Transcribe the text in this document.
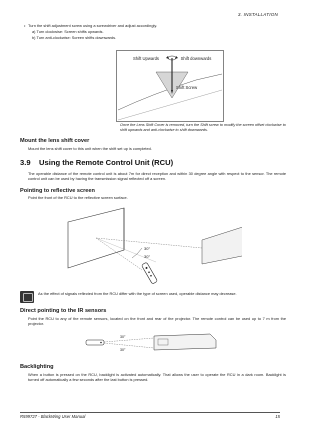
3. INSTALLATION
• Turn the shift adjustment screw using a screwdriver and adjust accordingly.
a) Turn clockwise: Screen shifts upwards.
b) Turn anti-clockwise: Screen shifts downwards.
Shift Upwards	Shift downwards
Shift Screw
Once the Lens Shift Cover is removed, turn the Shift screw to modify the screen offset clockwise to shift upwards and anti-clockwise to shift downwards.
Mount the lens shift cover
Mount the lens shift cover to this unit when the shift set up is completed.
3.9 Using the Remote Control Unit (RCU)
The operable distance of the remote control unit is about 7m for direct reception and within 30 degree angle with respect to the sensor. The remote control unit can be used by having the transmission signal reflected off a screen.
Pointing to reflective screen
Point the front of the RCU to the reflective screen surface.
30°
30°
As the effect of signals reflected from the RCU differ with the type of screen used, operable distance may decrease.
Direct pointing to the IR sensors
Point the RCU to any of the remote sensors, located on the front and rear of the projector. The remote control can be used up to 7 m from the projector.
30°
30°
Backlighting
When a button is pressed on the RCU, backlight is activated automatically. That allows the user to operate the RCU in a dark room. Backlight is turned off automatically a few seconds after the last button is pressed.
R599727 - BlackWing User Manual	15
